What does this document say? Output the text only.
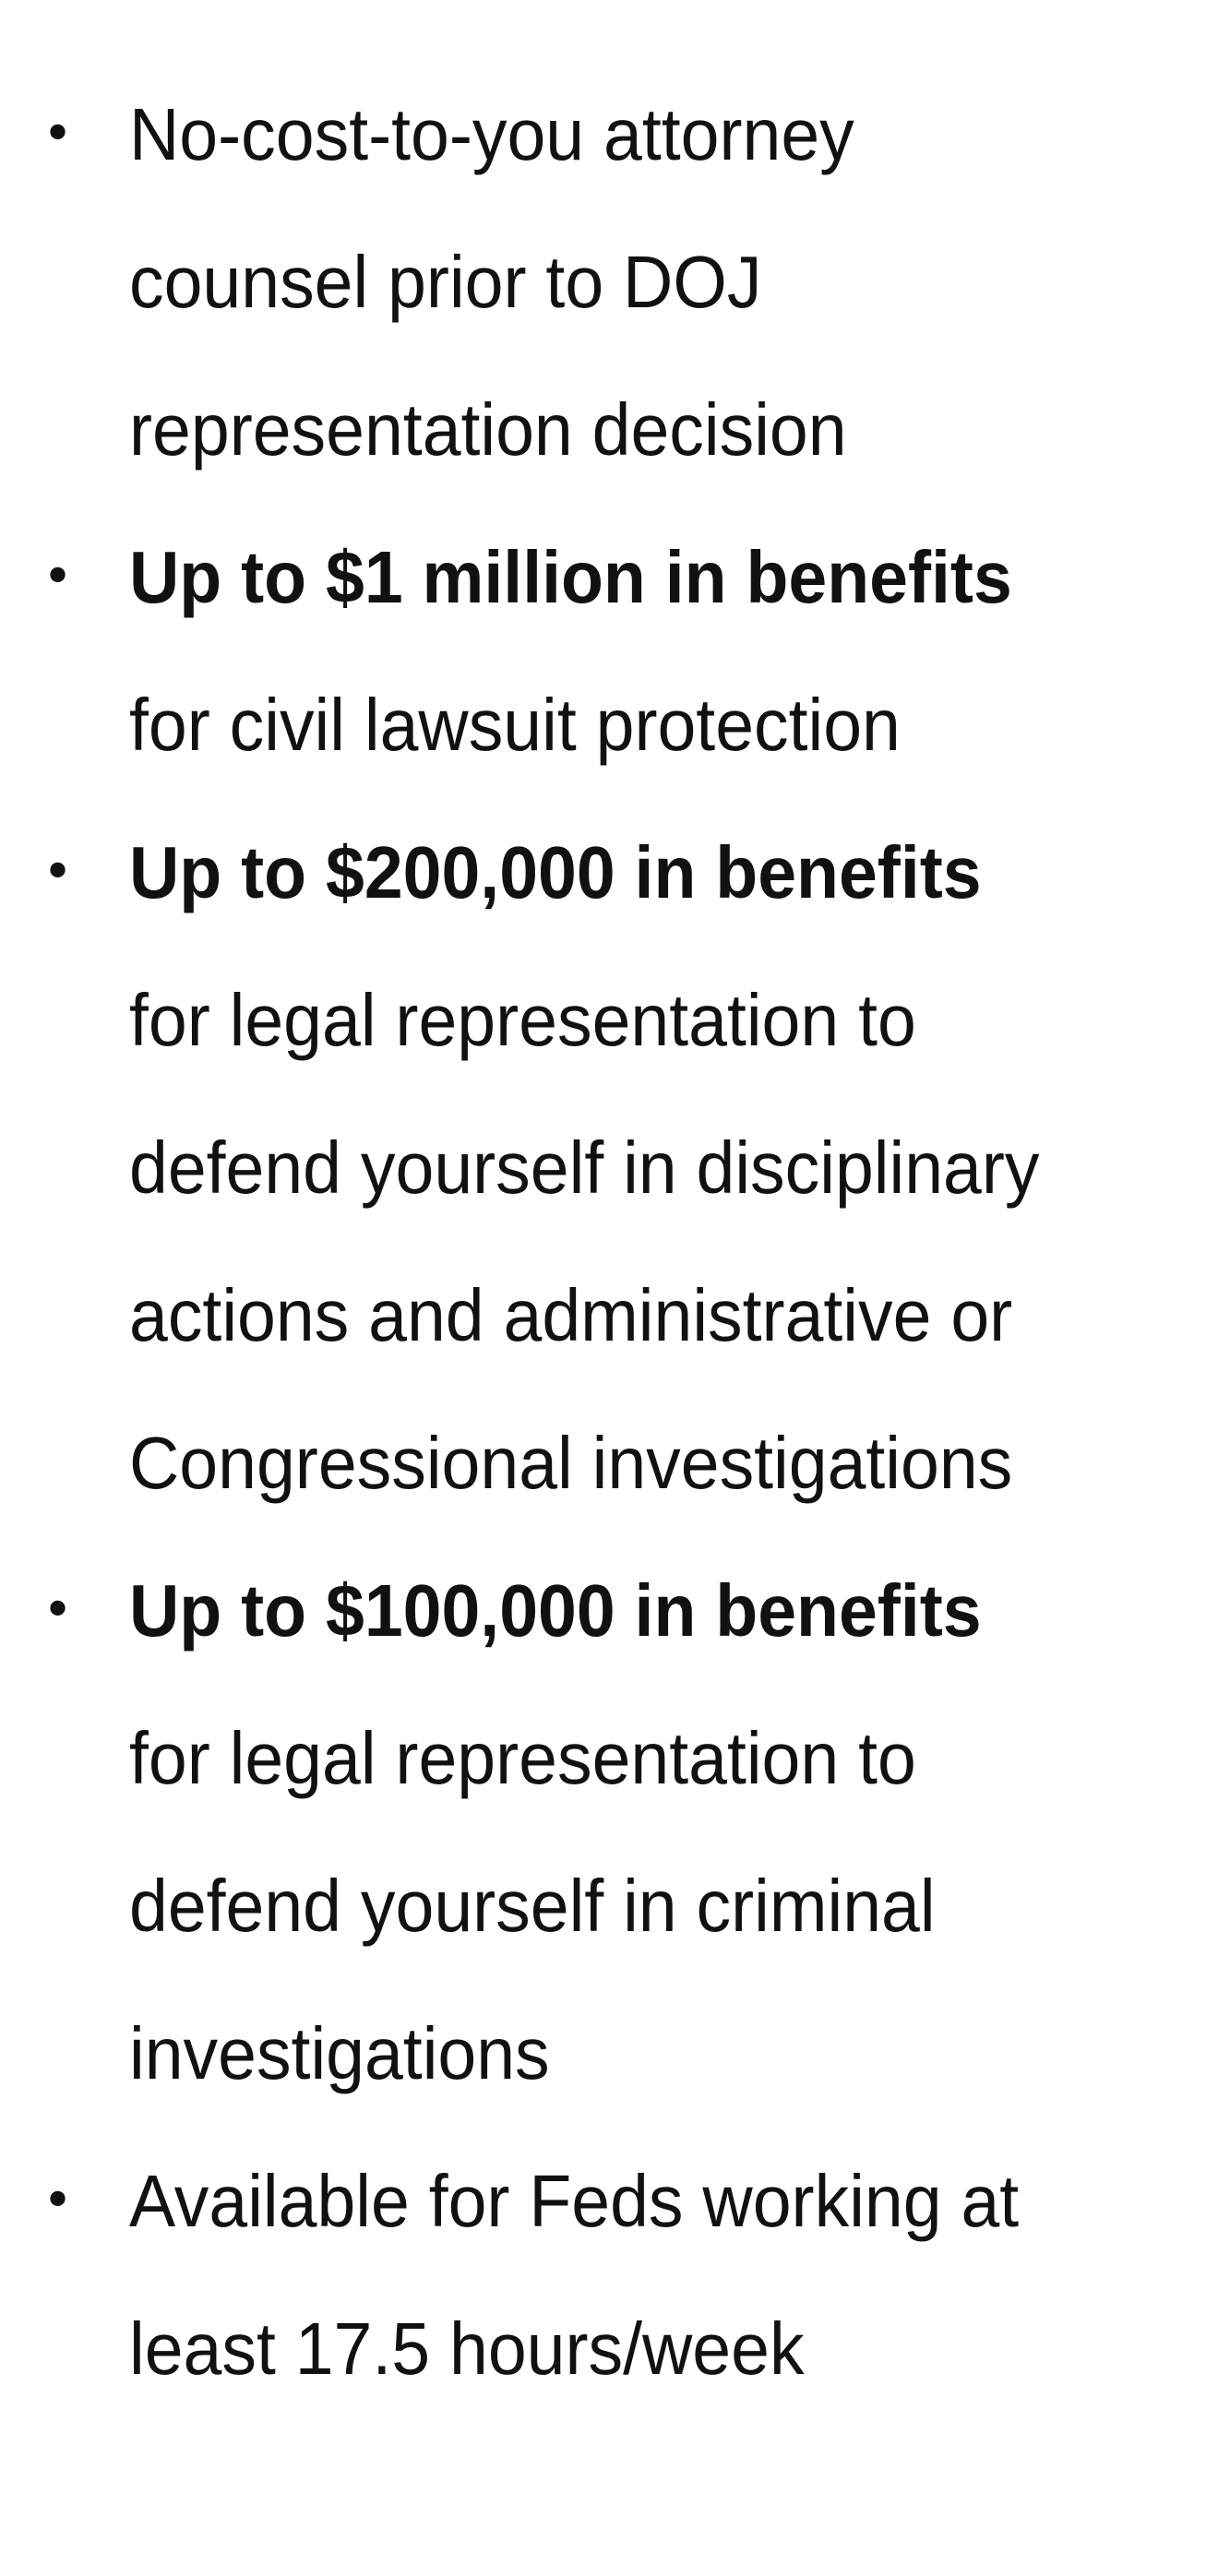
• No-cost-to-you attorney
counsel prior to DOJ
representation decision
• Up to $1 million in benefits
for civil lawsuit protection
• Up to $200,000 in benefits
for legal representation to
defend yourself in disciplinary
actions and administrative or
Congressional investigations
• Up to $100,000 in benefits
for legal representation to
defend yourself in criminal
investigations
• Available for Feds working at
least 17.5 hours/week
